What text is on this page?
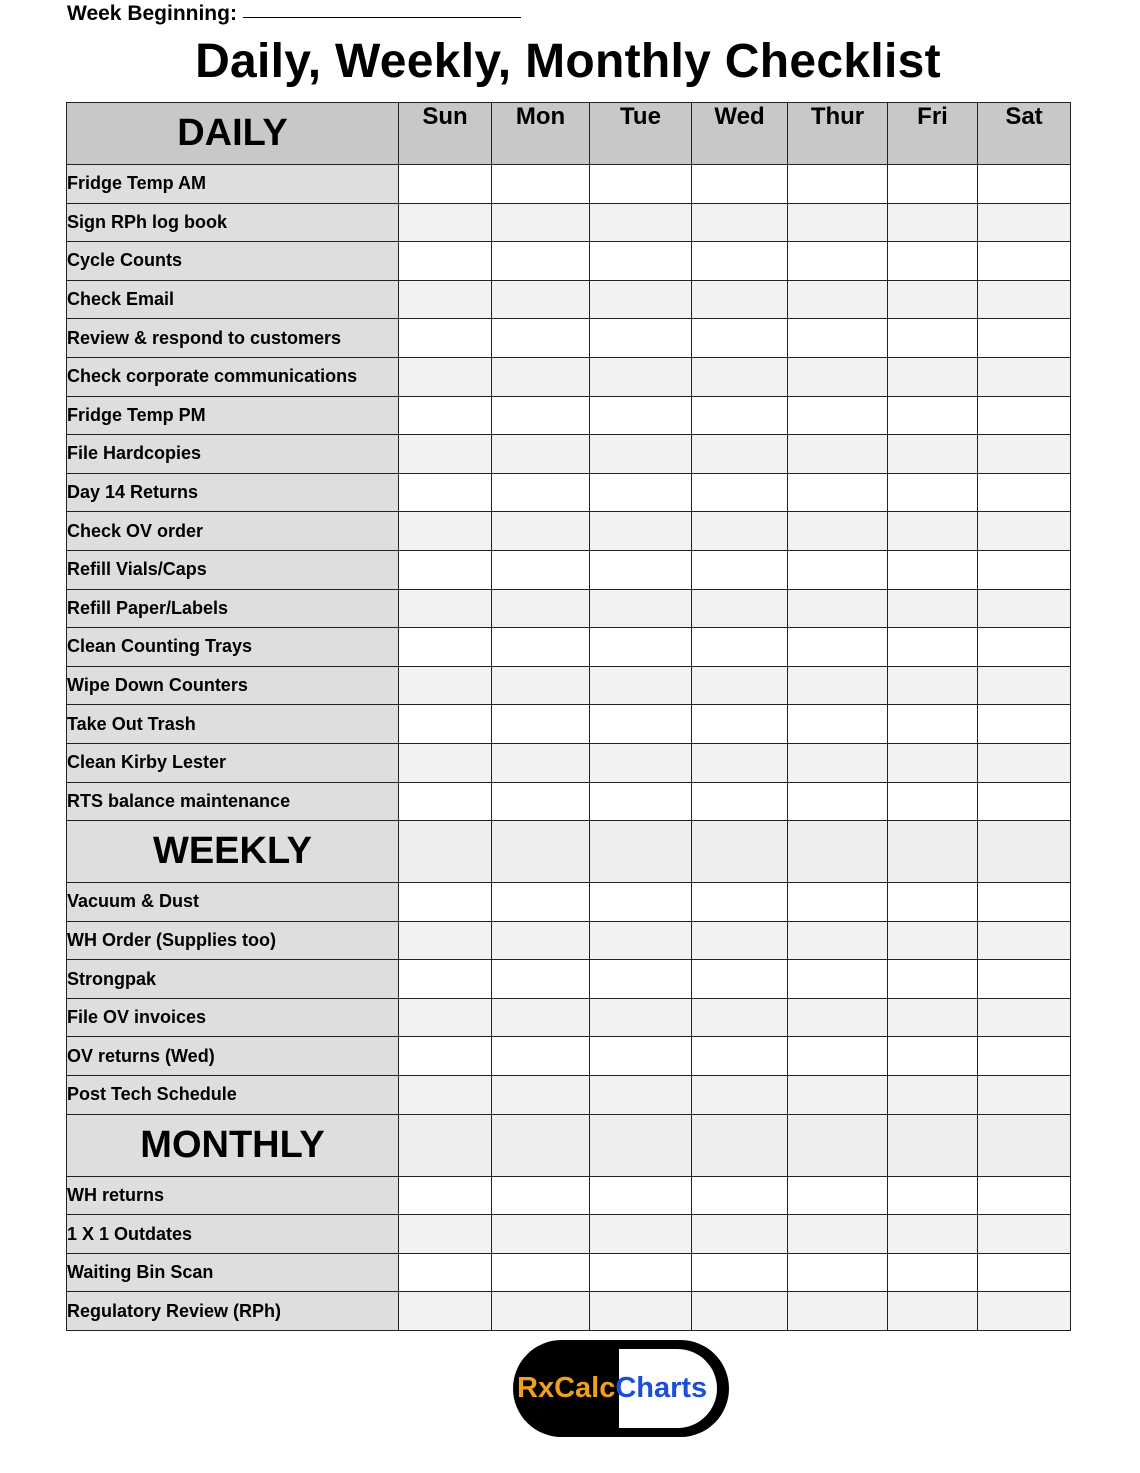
Week Beginning:
Daily, Weekly, Monthly Checklist
DAILY	Sun	Mon	Tue	Wed	Thur	Fri	Sat
Fridge Temp AM							
Sign RPh log book							
Cycle Counts							
Check Email							
Review & respond to customers							
Check corporate communications							
Fridge Temp PM							
File Hardcopies							
Day 14 Returns							
Check OV order							
Refill Vials/Caps							
Refill Paper/Labels							
Clean Counting Trays							
Wipe Down Counters							
Take Out Trash							
Clean Kirby Lester							
RTS balance maintenance							
WEEKLY							
Vacuum & Dust							
WH Order (Supplies too)							
Strongpak							
File OV invoices							
OV returns (Wed)							
Post Tech Schedule							
MONTHLY							
WH returns							
1 X 1 Outdates							
Waiting Bin Scan							
Regulatory Review (RPh)							
RxCalcCharts
